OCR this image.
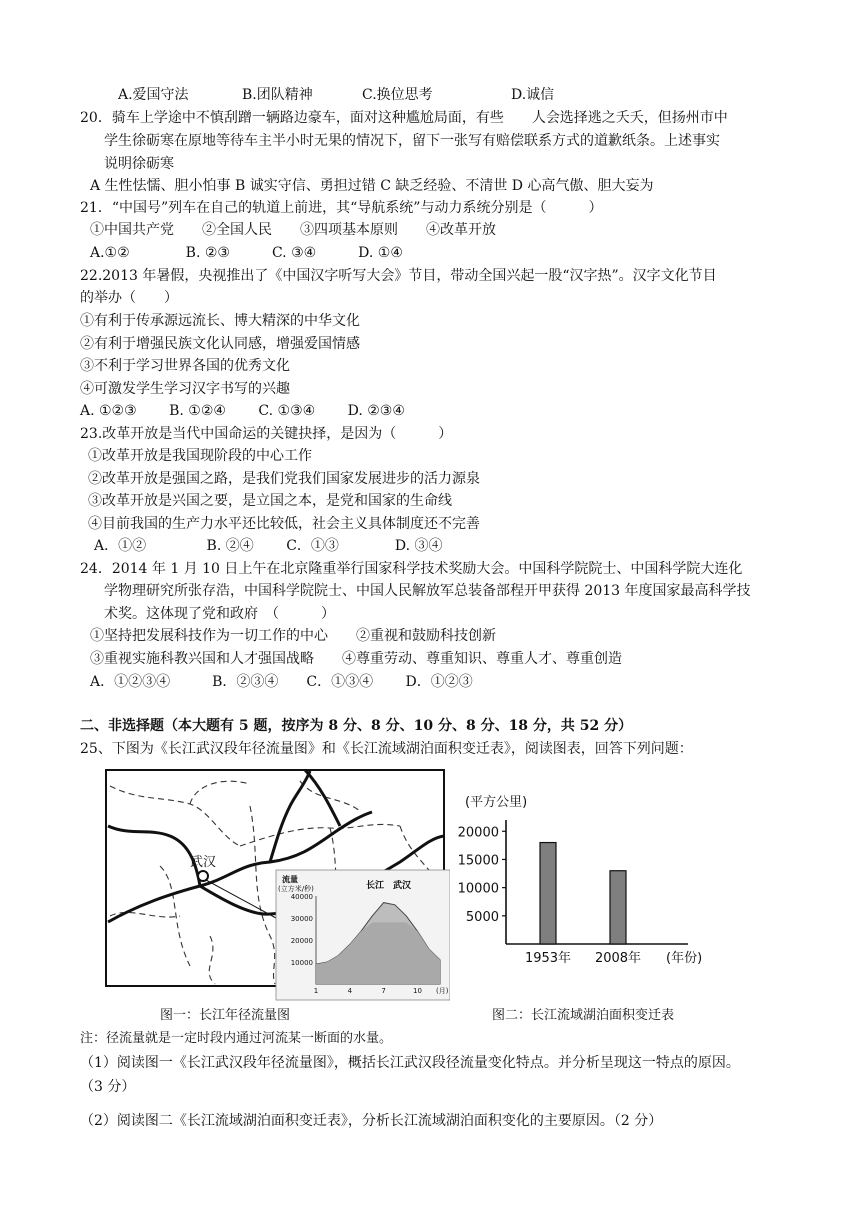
A.爱国守法	B.团队精神	C.换位思考	D.诚信
20．骑车上学途中不慎刮蹭一辆路边豪车，面对这种尴尬局面，有些　　人会选择逃之夭夭，但扬州市中
学生徐砺寒在原地等待车主半小时无果的情况下，留下一张写有赔偿联系方式的道歉纸条。上述事实
说明徐砺寒
A 生性怯懦、胆小怕事 B 诚实守信、勇担过错 C 缺乏经验、不清世 D 心高气傲、胆大妄为
21．“中国号”列车在自己的轨道上前进，其“导航系统”与动力系统分别是（　　　）
①中国共产党　　②全国人民　　③四项基本原则　　④改革开放
A.①②　　　　B. ②③　　　C. ③④　　　D. ①④
22.2013 年暑假，央视推出了《中国汉字听写大会》节目，带动全国兴起一股“汉字热”。汉字文化节目
的举办（　　）
①有利于传承源远流长、博大精深的中华文化
②有利于增强民族文化认同感，增强爱国情感
③不利于学习世界各国的优秀文化
④可激发学生学习汉字书写的兴趣
A. ①②③　　 B. ①②④　　 C. ①③④　　 D. ②③④
23.改革开放是当代中国命运的关键抉择，是因为（　　　）
①改革开放是我国现阶段的中心工作
②改革开放是强国之路，是我们党我们国家发展进步的活力源泉
③改革开放是兴国之要，是立国之本，是党和国家的生命线
④目前我国的生产力水平还比较低，社会主义具体制度还不完善
A．①②　　　　 B. ②④　　 C．①③　　　　D. ③④
24．2014 年 1 月 10 日上午在北京隆重举行国家科学技术奖励大会。中国科学院院士、中国科学院大连化
学物理研究所张存浩，中国科学院院士、中国人民解放军总装备部程开甲获得 2013 年度国家最高科学技
术奖。这体现了党和政府　（　　　）
①坚持把发展科技作为一切工作的中心　　②重视和鼓励科技创新
③重视实施科教兴国和人才强国战略　　④尊重劳动、尊重知识、尊重人才、尊重创造
A．①②③④　　　B．②③④　　C．①③④　　 D．①②③
二、非选择题（本大题有 5 题，按序为 8 分、8 分、10 分、8 分、18 分，共 52 分）
25、下图为《长江武汉段年径流量图》和《长江流域湖泊面积变迁表》，阅读图表，回答下列问题：
武汉
流量
(立方米/秒)	长江　武汉
10000
20000
30000
40000
1	4	7	10 (月)
图一：长江年径流量图
(平方公里)
5000
10000
15000
20000
1953年 2008年 (年份)
图二：长江流域湖泊面积变迁表
注：径流量就是一定时段内通过河流某一断面的水量。
（1）阅读图一《长江武汉段年径流量图》，概括长江武汉段径流量变化特点。并分析呈现这一特点的原因。
（3 分）
（2）阅读图二《长江流域湖泊面积变迁表》，分析长江流域湖泊面积变化的主要原因。（2 分）
